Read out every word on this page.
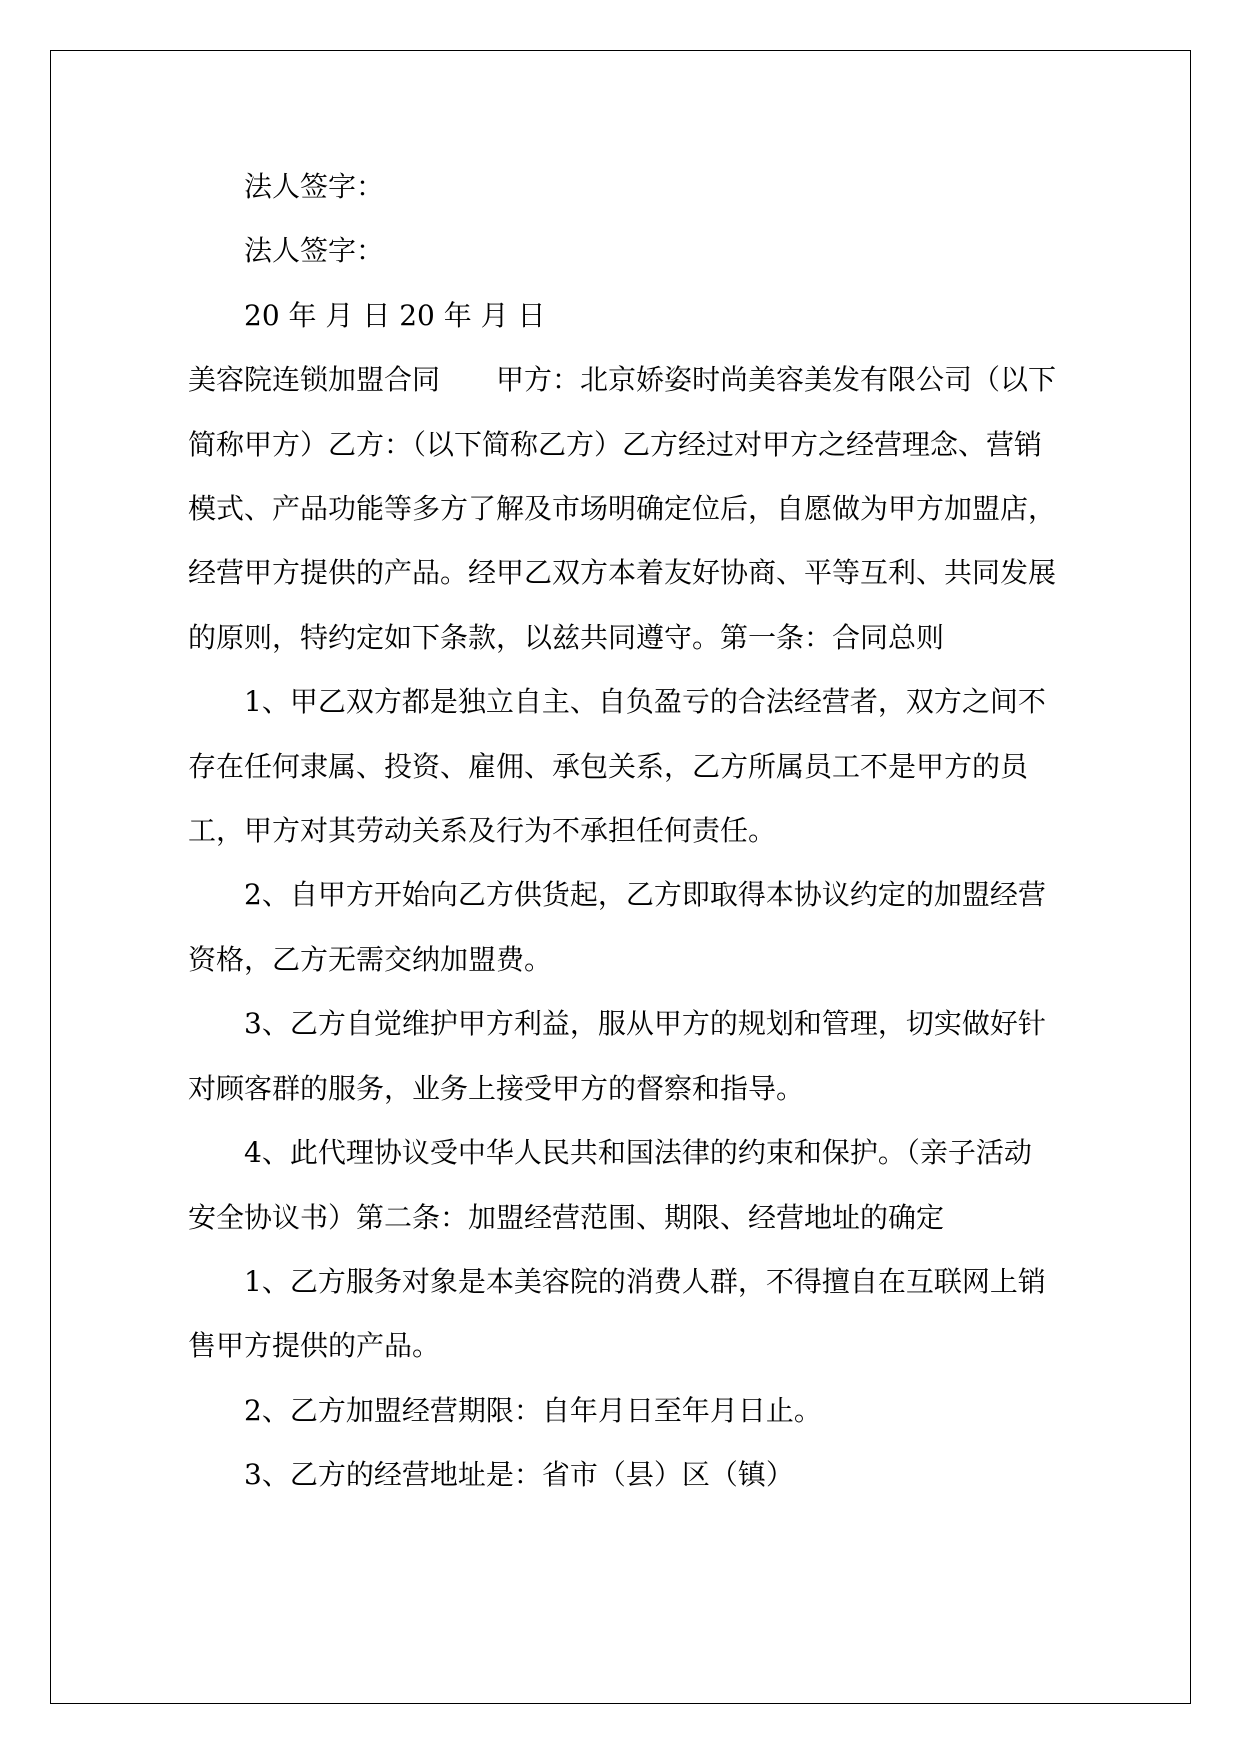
法人签字：

法人签字：

20 年 月 日 20 年 月 日

美容院连锁加盟合同　　甲方：北京娇姿时尚美容美发有限公司（以下简称甲方）乙方：（以下简称乙方）乙方经过对甲方之经营理念、营销模式、产品功能等多方了解及市场明确定位后，自愿做为甲方加盟店，经营甲方提供的产品。经甲乙双方本着友好协商、平等互利、共同发展的原则，特约定如下条款，以兹共同遵守。第一条：合同总则

1、甲乙双方都是独立自主、自负盈亏的合法经营者，双方之间不存在任何隶属、投资、雇佣、承包关系，乙方所属员工不是甲方的员工，甲方对其劳动关系及行为不承担任何责任。

2、自甲方开始向乙方供货起，乙方即取得本协议约定的加盟经营资格，乙方无需交纳加盟费。

3、乙方自觉维护甲方利益，服从甲方的规划和管理，切实做好针对顾客群的服务，业务上接受甲方的督察和指导。

4、此代理协议受中华人民共和国法律的约束和保护。（亲子活动安全协议书）第二条：加盟经营范围、期限、经营地址的确定

1、乙方服务对象是本美容院的消费人群，不得擅自在互联网上销售甲方提供的产品。

2、乙方加盟经营期限：自年月日至年月日止。

3、乙方的经营地址是：省市（县）区（镇）
